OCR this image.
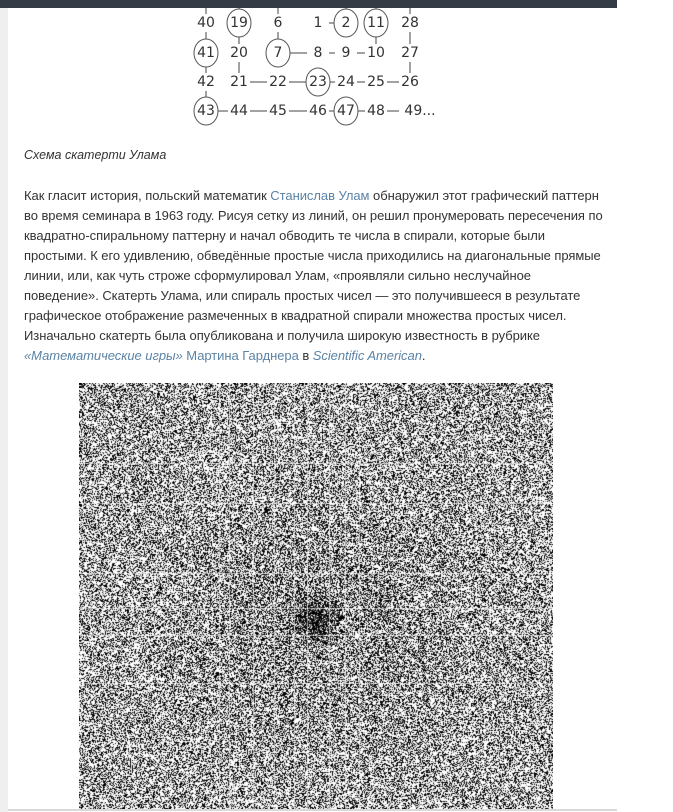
40 19 6 1 2 11 28
41 20 7 8 9 10 27
42 21 22 23 24 25 26
43 44 45 46 47 48 49...
Схема скатерти Улама
Как гласит история, польский математик Станислав Улам обнаружил этот графический паттерн во время семинара в 1963 году. Рисуя сетку из линий, он решил пронумеровать пересечения по квадратно-спиральному паттерну и начал обводить те числа в спирали, которые были простыми. К его удивлению, обведённые простые числа приходились на диагональные прямые линии, или, как чуть строже сформулировал Улам, «проявляли сильно неслучайное поведение». Скатерть Улама, или спираль простых чисел — это получившееся в результате графическое отображение размеченных в квадратной спирали множества простых чисел. Изначально скатерть была опубликована и получила широкую известность в рубрике «Математические игры» Мартина Гарднера в Scientific American.
